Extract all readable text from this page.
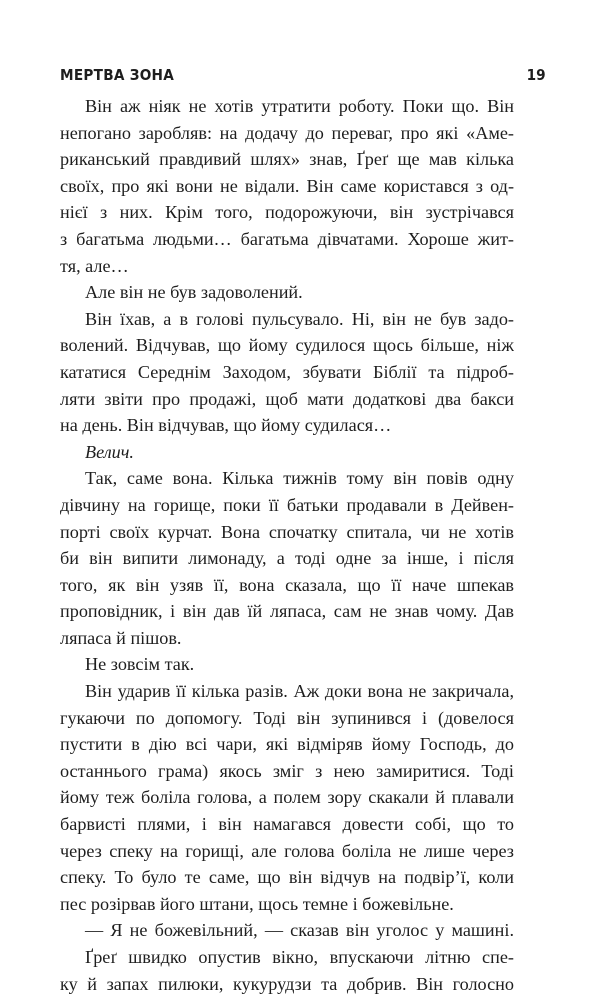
МЕРТВА ЗОНА	19
Він аж ніяк не хотів утратити роботу. Поки що. Він
непогано заробляв: на додачу до переваг, про які «Аме-
риканський правдивий шлях» знав, Ґреґ ще мав кілька
своїх, про які вони не відали. Він саме користався з од-
нієї з них. Крім того, подорожуючи, він зустрічався
з багатьма людьми… багатьма дівчатами. Хороше жит-
тя, але…
Але він не був задоволений.
Він їхав, а в голові пульсувало. Ні, він не був задо-
волений. Відчував, що йому судилося щось більше, ніж
кататися Середнім Заходом, збувати Біблії та підроб-
ляти звіти про продажі, щоб мати додаткові два бакси
на день. Він відчував, що йому судилася…
Велич.
Так, саме вона. Кілька тижнів тому він повів одну
дівчину на горище, поки її батьки продавали в Дейвен-
порті своїх курчат. Вона спочатку спитала, чи не хотів
би він випити лимонаду, а тоді одне за інше, і після
того, як він узяв її, вона сказала, що її наче шпекав
проповідник, і він дав їй ляпаса, сам не знав чому. Дав
ляпаса й пішов.
Не зовсім так.
Він ударив її кілька разів. Аж доки вона не закричала,
гукаючи по допомогу. Тоді він зупинився і (довелося
пустити в дію всі чари, які відміряв йому Господь, до
останнього грама) якось зміг з нею замиритися. Тоді
йому теж боліла голова, а полем зору скакали й плавали
барвисті плями, і він намагався довести собі, що то
через спеку на горищі, але голова боліла не лише через
спеку. То було те саме, що він відчув на подвір’ї, коли
пес розірвав його штани, щось темне і божевільне.
— Я не божевільний, — сказав він уголос у машині.
Ґреґ швидко опустив вікно, впускаючи літню спе-
ку й запах пилюки, кукурудзи та добрив. Він голосно
